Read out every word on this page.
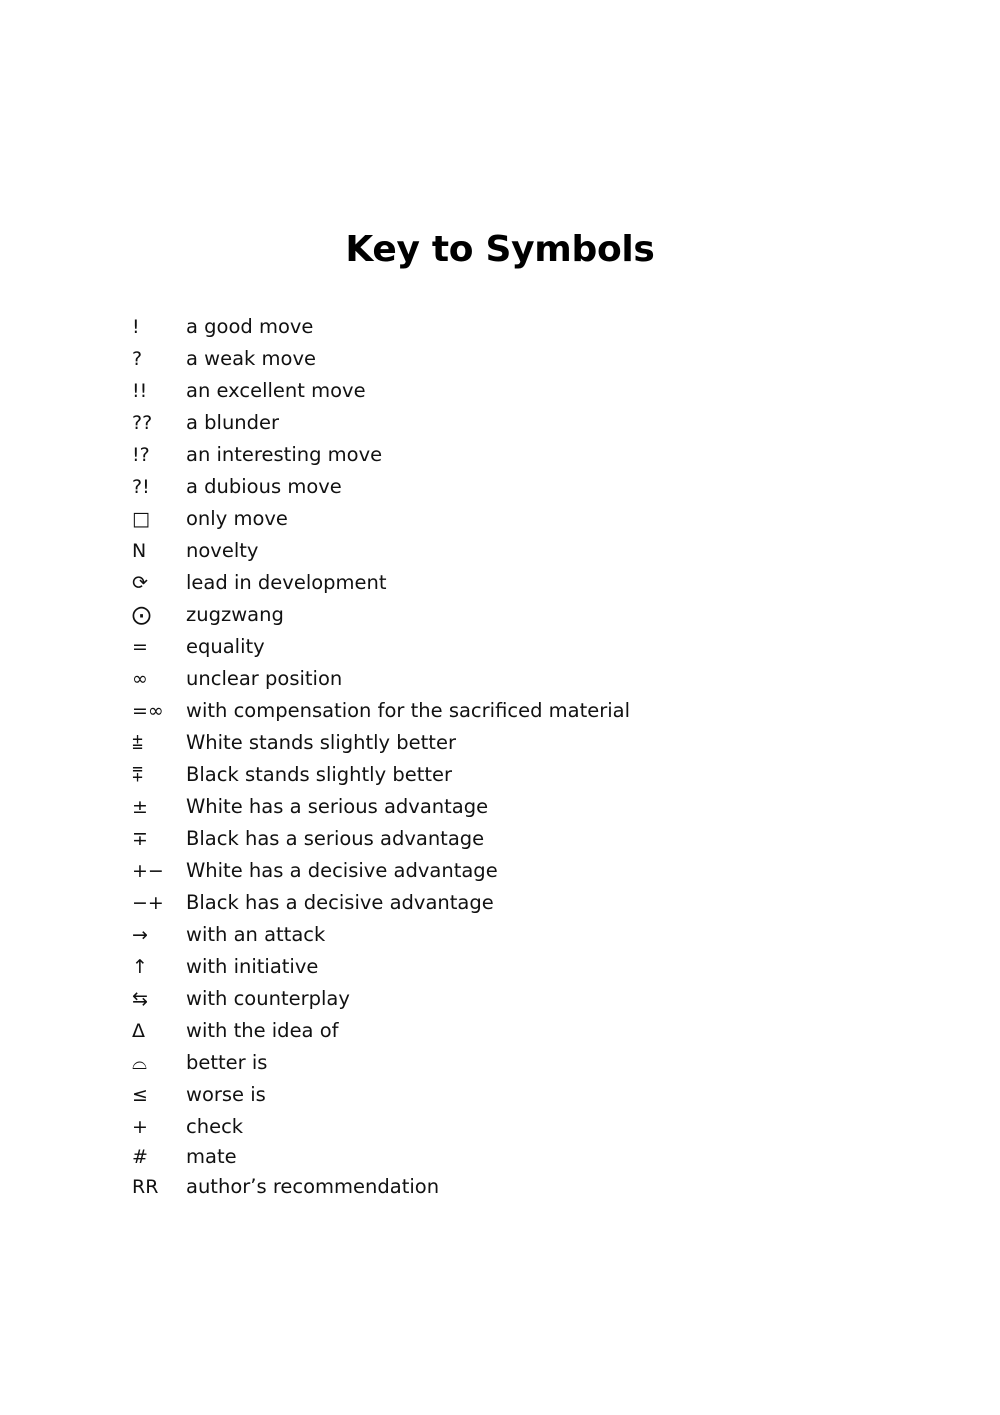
Key to Symbols
!	a good move
?	a weak move
!!	an excellent move
??	a blunder
!?	an interesting move
?!	a dubious move
□	only move
N	novelty
⟳	lead in development
⨀	zugzwang
=	equality
∞	unclear position
=∞	with compensation for the sacrificed material
⩲	White stands slightly better
⩱	Black stands slightly better
±	White has a serious advantage
∓	Black has a serious advantage
+−	White has a decisive advantage
−+	Black has a decisive advantage
→	with an attack
↑	with initiative
⇆	with counterplay
Δ	with the idea of
⌓	better is
≤	worse is
+	check
#	mate
RR	author’s recommendation
